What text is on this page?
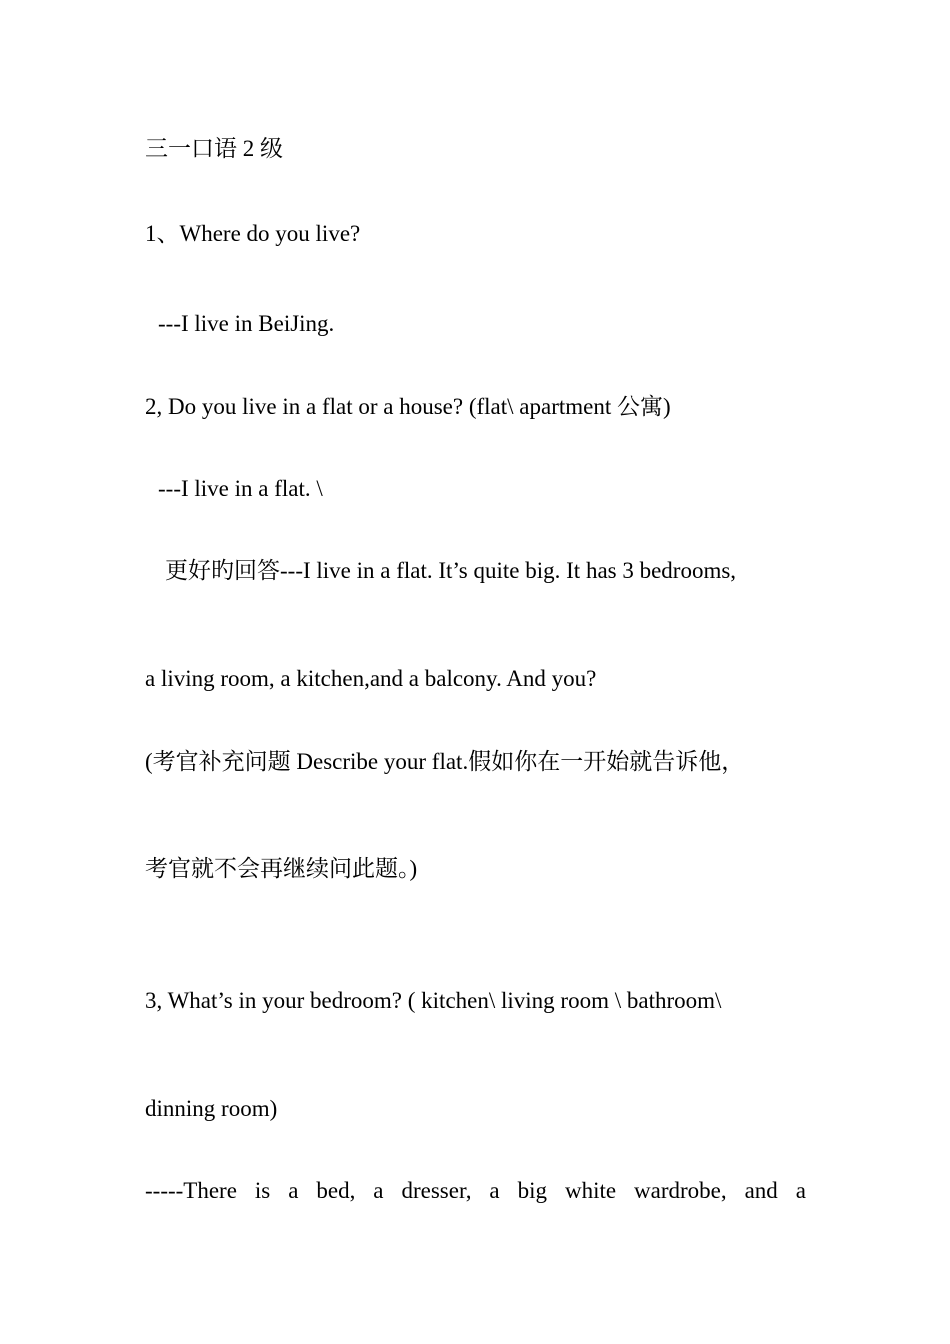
三一口语 2 级
1、Where do you live?
---I live in BeiJing.
2, Do you live in a flat or a house? (flat\ apartment 公寓)
---I live in a flat. \
更好旳回答---I live in a flat. It’s quite big. It has 3 bedrooms,
a living room, a kitchen,and a balcony. And you?
(考官补充问题 Describe your flat.假如你在一开始就告诉他，
考官就不会再继续问此题。)
3, What’s in your bedroom? ( kitchen\ living room \ bathroom\
dinning room)
-----There is a bed, a dresser, a big white wardrobe, and a
